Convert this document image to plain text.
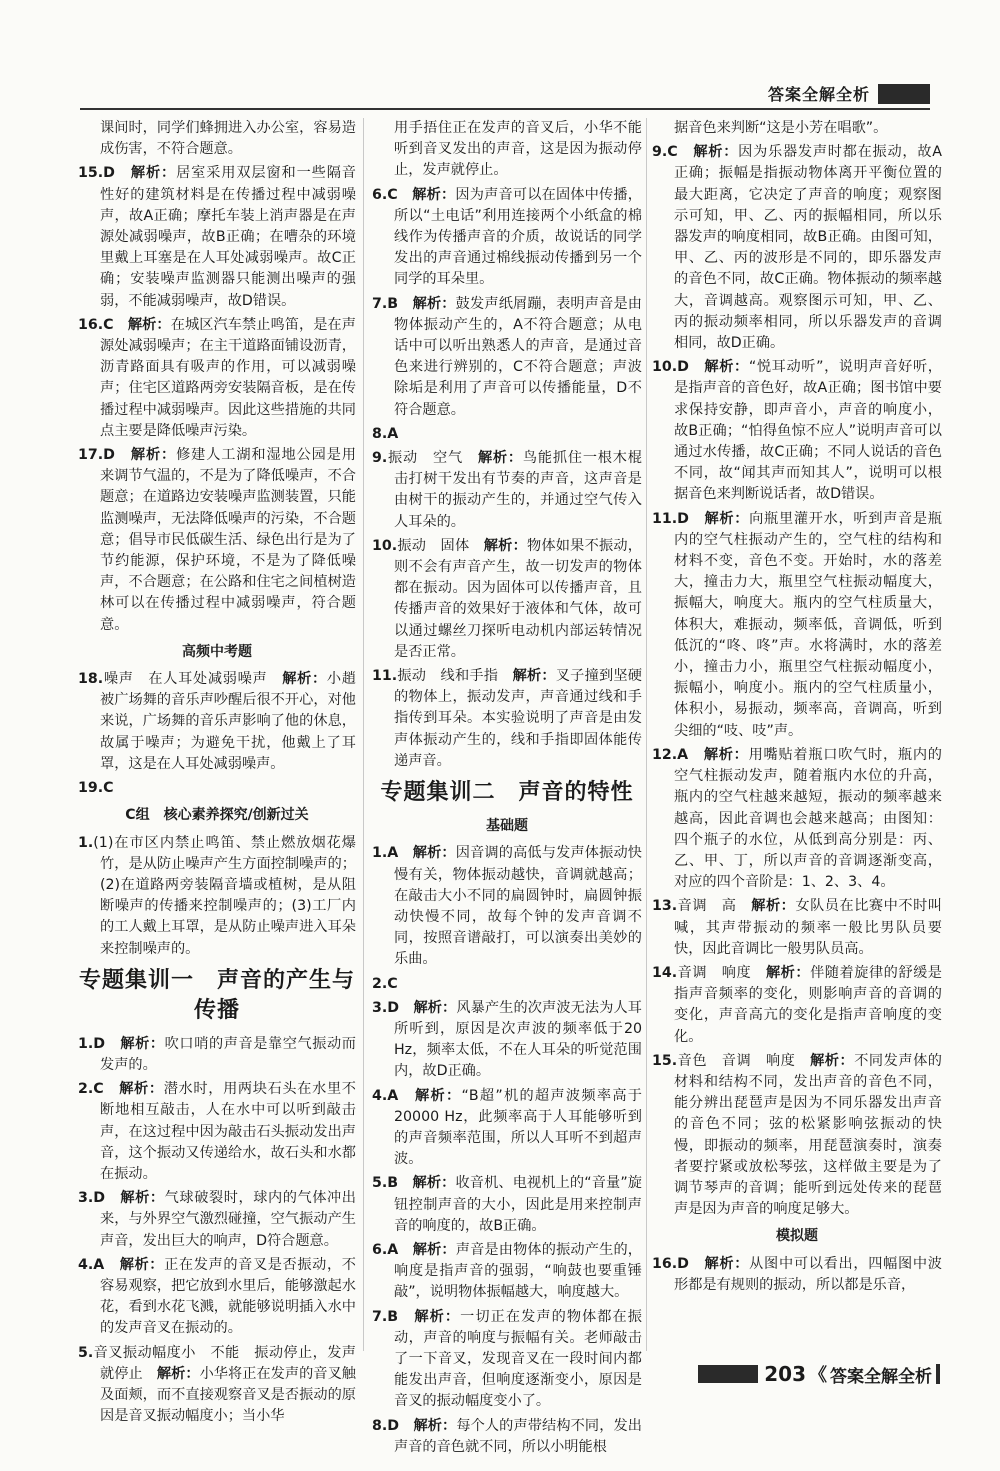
答案全解全析

课间时，同学们蜂拥进入办公室，容易造成伤害，不符合题意。

15.D　 解析：居室采用双层窗和一些隔音性好的建筑材料是在传播过程中减弱噪声，故A正确；摩托车装上消声器是在声源处减弱噪声，故B正确；在嘈杂的环境里戴上耳塞是在人耳处减弱噪声。故C正确；安装噪声监测器只能测出噪声的强弱，不能减弱噪声，故D错误。

16.C　 解析：在城区汽车禁止鸣笛，是在声源处减弱噪声；在主干道路面铺设沥青，沥青路面具有吸声的作用，可以减弱噪声；住宅区道路两旁安装隔音板，是在传播过程中减弱噪声。因此这些措施的共同点主要是降低噪声污染。

17.D　 解析：修建人工湖和湿地公园是用来调节气温的，不是为了降低噪声，不合题意；在道路边安装噪声监测装置，只能监测噪声，无法降低噪声的污染，不合题意；倡导市民低碳生活、绿色出行是为了节约能源，保护环境，不是为了降低噪声，不合题意；在公路和住宅之间植树造林可以在传播过程中减弱噪声，符合题意。

高频中考题

18.噪声　在人耳处减弱噪声　 解析：小趙被广场舞的音乐声吵醒后很不开心，对他来说，广场舞的音乐声影响了他的休息，故属于噪声；为避免干扰，他戴上了耳罩，这是在人耳处减弱噪声。

19.C

C组　核心素养探究/创新过关

1.(1)在市区内禁止鸣笛、禁止燃放烟花爆竹，是从防止噪声产生方面控制噪声的；(2)在道路两旁装隔音墙或植树，是从阻断噪声的传播来控制噪声的；(3)工厂内的工人戴上耳罩，是从防止噪声进入耳朵来控制噪声的。

专题集训一　声音的产生与传播

1.D　 解析：吹口哨的声音是靠空气振动而发声的。

2.C　 解析：潜水时，用两块石头在水里不断地相互敲击，人在水中可以听到敲击声，在这过程中因为敲击石头振动发出声音，这个振动又传递给水，故石头和水都在振动。

3.D　 解析：气球破裂时，球内的气体冲出来，与外界空气激烈碰撞，空气振动产生声音，发出巨大的响声，D符合题意。

4.A　 解析：正在发声的音叉是否振动，不容易观察，把它放到水里后，能够激起水花，看到水花飞溅，就能够说明插入水中的发声音叉在振动的。

5.音叉振动幅度小　不能　振动停止，发声就停止　 解析：小华将正在发声的音叉触及面颊，而不直接观察音叉是否振动的原因是音叉振动幅度小；当小华

用手捂住正在发声的音叉后，小华不能听到音叉发出的声音，这是因为振动停止，发声就停止。

6.C　 解析：因为声音可以在固体中传播，所以“土电话”利用连接两个小纸盒的棉线作为传播声音的介质，故说话的同学发出的声音通过棉线振动传播到另一个同学的耳朵里。

7.B　 解析：鼓发声纸屑蹦，表明声音是由物体振动产生的，A不符合题意；从电话中可以听出熟悉人的声音，是通过音色来进行辨别的，C不符合题意；声波除垢是利用了声音可以传播能量，D不符合题意。

8.A

9.振动　空气　 解析：鸟能抓住一根木棍击打树干发出有节奏的声音，这声音是由树干的振动产生的，并通过空气传入人耳朵的。

10.振动　固体　 解析：物体如果不振动，则不会有声音产生，故一切发声的物体都在振动。因为固体可以传播声音，且传播声音的效果好于液体和气体，故可以通过螺丝刀探听电动机内部运转情况是否正常。

11.振动　线和手指　 解析：叉子撞到坚硬的物体上，振动发声，声音通过线和手指传到耳朵。本实验说明了声音是由发声体振动产生的，线和手指即固体能传递声音。

专题集训二　声音的特性
基础题

1.A　 解析：因音调的高低与发声体振动快慢有关，物体振动越快，音调就越高；在敲击大小不同的扁圆钟时，扁圆钟振动快慢不同，故每个钟的发声音调不同，按照音谱敲打，可以演奏出美妙的乐曲。

2.C

3.D　 解析：风暴产生的次声波无法为人耳所听到，原因是次声波的频率低于20 Hz，频率太低，不在人耳朵的听觉范围内，故D正确。

4.A　 解析：“B超”机的超声波频率高于20000 Hz，此频率高于人耳能够听到的声音频率范围，所以人耳听不到超声波。

5.B　 解析：收音机、电视机上的“音量”旋钮控制声音的大小，因此是用来控制声音的响度的，故B正确。

6.A　 解析：声音是由物体的振动产生的，响度是指声音的强弱，“响鼓也要重锤敲”，说明物体振幅越大，响度越大。

7.B　 解析：一切正在发声的物体都在振动，声音的响度与振幅有关。老师敲击了一下音叉，发现音叉在一段时间内都能发出声音，但响度逐渐变小，原因是音叉的振动幅度变小了。

8.D　 解析：每个人的声带结构不同，发出声音的音色就不同，所以小明能根

据音色来判断“这是小芳在唱歌”。

9.C　 解析：因为乐器发声时都在振动，故A正确；振幅是指振动物体离开平衡位置的最大距离，它决定了声音的响度；观察图示可知，甲、乙、丙的振幅相同，所以乐器发声的响度相同，故B正确。由图可知，甲、乙、丙的波形是不同的，即乐器发声的音色不同，故C正确。物体振动的频率越大，音调越高。观察图示可知，甲、乙、丙的振动频率相同，所以乐器发声的音调相同，故D正确。

10.D　 解析：“悦耳动听”，说明声音好听，是指声音的音色好，故A正确；图书馆中要求保持安静，即声音小，声音的响度小，故B正确；“怕得鱼惊不应人”说明声音可以通过水传播，故C正确；不同人说话的音色不同，故“闻其声而知其人”，说明可以根据音色来判断说话者，故D错误。

11.D　 解析：向瓶里灌开水，听到声音是瓶内的空气柱振动产生的，空气柱的结构和材料不变，音色不变。开始时，水的落差大，撞击力大，瓶里空气柱振动幅度大，振幅大，响度大。瓶内的空气柱质量大，体积大，难振动，频率低，音调低，听到低沉的“咚、咚”声。水将满时，水的落差小，撞击力小，瓶里空气柱振动幅度小，振幅小，响度小。瓶内的空气柱质量小，体积小，易振动，频率高，音调高，听到尖细的“吱、吱”声。

12.A　 解析：用嘴贴着瓶口吹气时，瓶内的空气柱振动发声，随着瓶内水位的升高，瓶内的空气柱越来越短，振动的频率越来越高，因此音调也会越来越高；由图知：四个瓶子的水位，从低到高分别是：丙、乙、甲、丁，所以声音的音调逐渐变高，对应的四个音阶是：1、2、3、4。

13.音调　高　 解析：女队员在比赛中不时叫喊，其声带振动的频率一般比男队员要快，因此音调比一般男队员高。

14.音调　响度　 解析：伴随着旋律的舒缓是指声音频率的变化，则影响声音的音调的变化，声音高亢的变化是指声音响度的变化。

15.音色　音调　响度　 解析：不同发声体的材料和结构不同，发出声音的音色不同，能分辨出琵琶声是因为不同乐器发出声音的音色不同；弦的松紧影响弦振动的快慢，即振动的频率，用琵琶演奏时，演奏者要拧紧或放松琴弦，这样做主要是为了调节琴声的音调；能听到远处传来的琵琶声是因为声音的响度足够大。

模拟题

16.D　 解析：从图中可以看出，四幅图中波形都是有规则的振动，所以都是乐音，

203 《 答案全解全析
